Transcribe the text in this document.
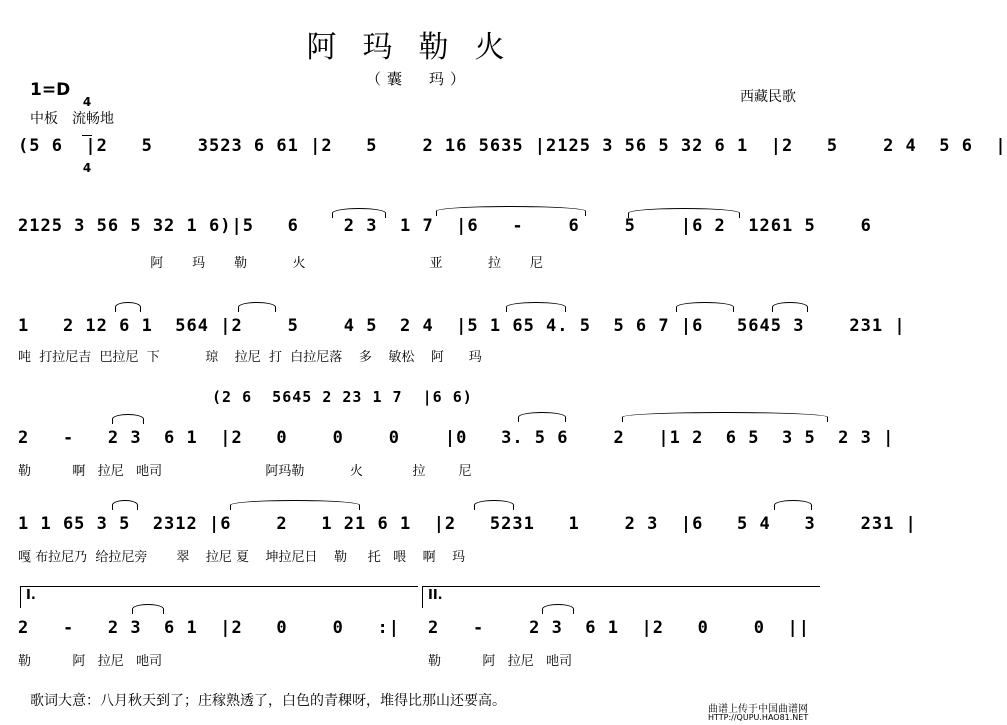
阿玛勒火
（囊　玛）
西藏民歌
1=D

4

4

中板　流畅地
(5 6  |2   5    3523 6 61 |2   5    2 16 5635 |2125 3 56 5 32 6 1  |2   5    2 4  5 6  |
2125 3 56 5 32 1 6)|5   6    2 3  1 7  |6   -    6    5    |6 2  1261 5    6
阿       玛       勒           火                              亚           拉       尼
1   2 12 6 1  564 |2    5    4 5  2 4  |5 1 65 4. 5  5 6 7 |6   5645 3    231 |
吨  打拉尼吉  巴拉尼  下           琼    拉尼  打  白拉尼落    多    敏松    阿      玛
(2 6  5645 2 23 1 7  |6 6)
2   -   2 3  6 1  |2   0    0    0    |0   3. 5 6    2   |1 2  6 5  3 5  2 3 |
勒          啊   拉尼   吔司                         阿玛勒           火            拉        尼
1 1 65 3 5  2312 |6    2   1 21 6 1  |2   5231   1    2 3  |6   5 4   3    231 |
嘎 布拉尼乃  给拉尼旁       翠    拉尼 夏    坤拉尼日    勒     托   喂    啊    玛
I.	II.
2   -   2 3  6 1  |2   0    0   :|
勒          阿   拉尼   吔司
2   -    2 3  6 1  |2   0    0  ||
勒          阿   拉尼   吔司
歌词大意：八月秋天到了；庄稼熟透了，白色的青稞呀，堆得比那山还要高。
曲谱上传于中国曲谱网
HTTP://QUPU.HAO81.NET
